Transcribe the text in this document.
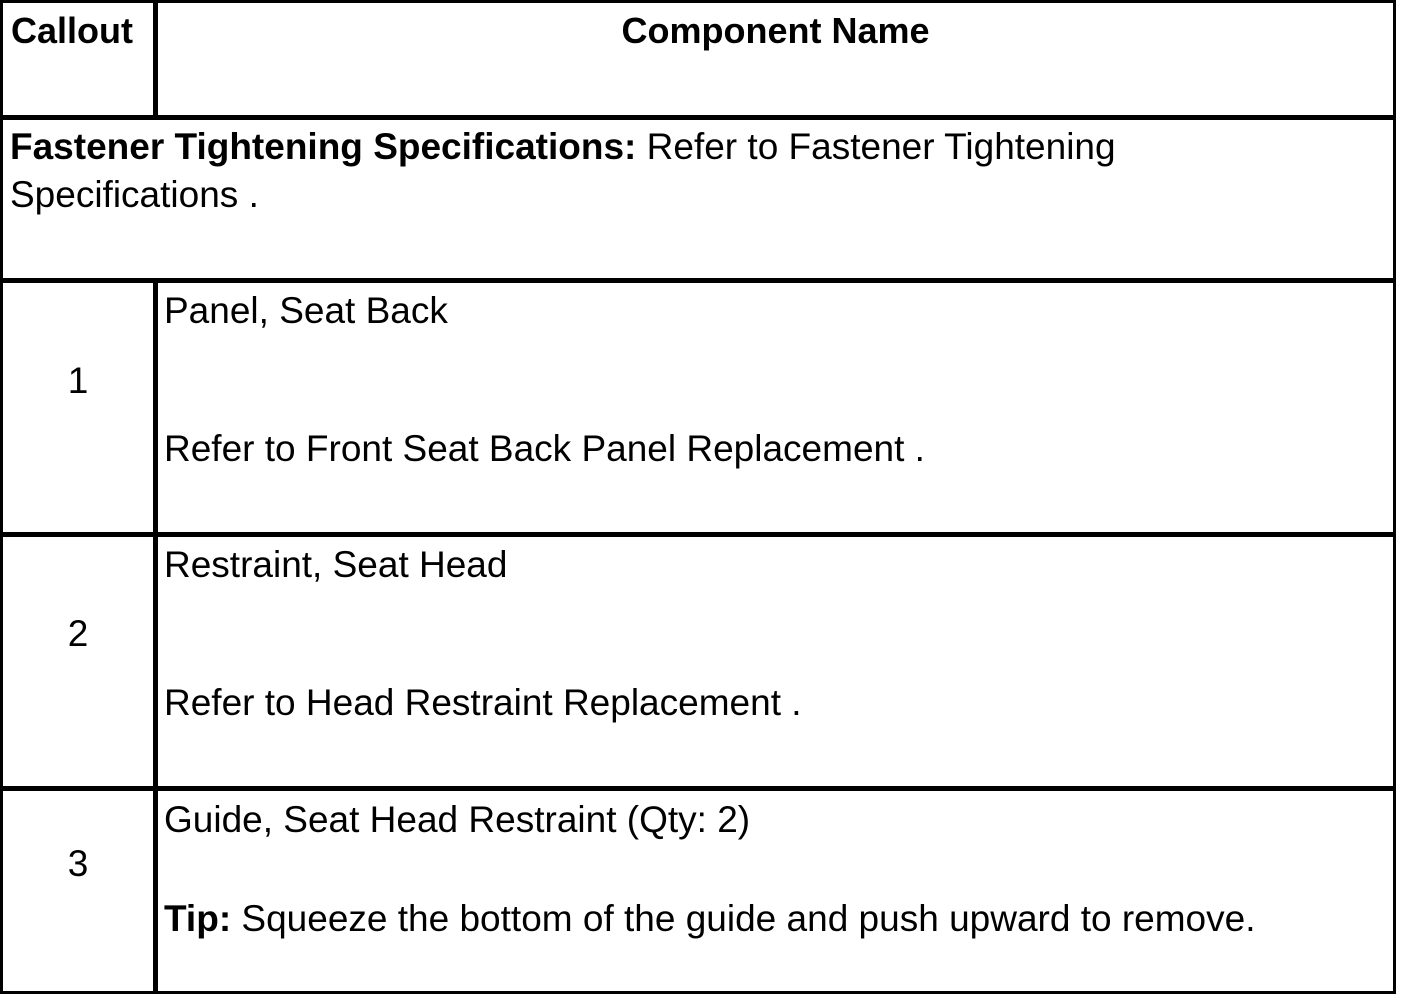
Callout	Component Name
Fastener Tightening Specifications: Refer to Fastener Tightening Specifications .
1
Panel, Seat Back
Refer to Front Seat Back Panel Replacement .
2
Restraint, Seat Head
Refer to Head Restraint Replacement .
3
Guide, Seat Head Restraint (Qty: 2)
Tip: Squeeze the bottom of the guide and push upward to remove.
